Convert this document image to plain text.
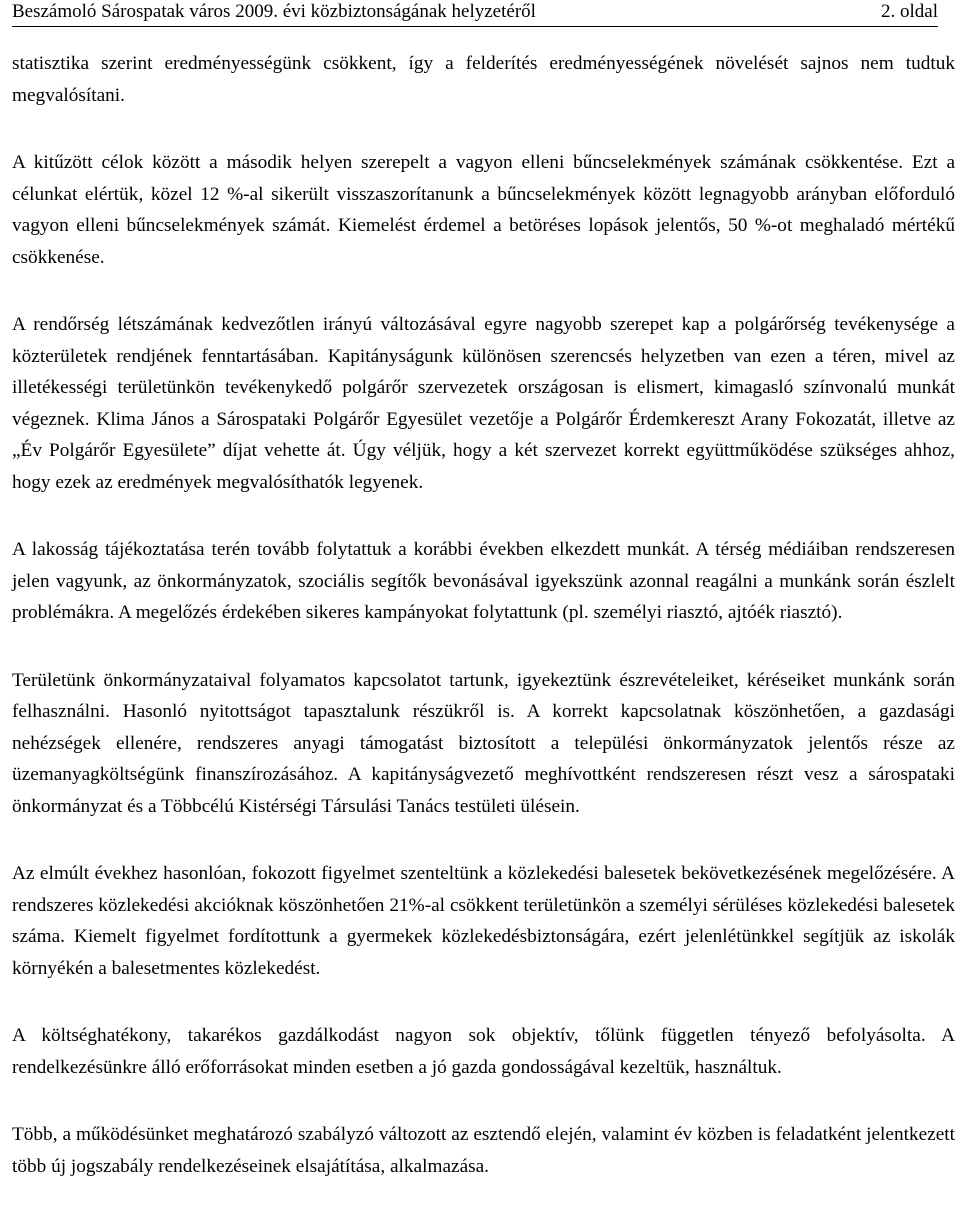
Beszámoló Sárospatak város 2009. évi közbiztonságának helyzetéről	2. oldal

statisztika szerint eredményességünk csökkent, így a felderítés eredményességének növelését sajnos nem tudtuk megvalósítani.

A kitűzött célok között a második helyen szerepelt a vagyon elleni bűncselekmények számának csökkentése. Ezt a célunkat elértük, közel 12 %-al sikerült visszaszorítanunk a bűncselekmények között legnagyobb arányban előforduló vagyon elleni bűncselekmények számát. Kiemelést érdemel a betöréses lopások jelentős, 50 %-ot meghaladó mértékű csökkenése.

A rendőrség létszámának kedvezőtlen irányú változásával egyre nagyobb szerepet kap a polgárőrség tevékenysége a közterületek rendjének fenntartásában. Kapitányságunk különösen szerencsés helyzetben van ezen a téren, mivel az illetékességi területünkön tevékenykedő polgárőr szervezetek országosan is elismert, kimagasló színvonalú munkát végeznek. Klima János a Sárospataki Polgárőr Egyesület vezetője a Polgárőr Érdemkereszt Arany Fokozatát, illetve az „Év Polgárőr Egyesülete” díjat vehette át. Úgy véljük, hogy a két szervezet korrekt együttműködése szükséges ahhoz, hogy ezek az eredmények megvalósíthatók legyenek.

A lakosság tájékoztatása terén tovább folytattuk a korábbi években elkezdett munkát. A térség médiáiban rendszeresen jelen vagyunk, az önkormányzatok, szociális segítők bevonásával igyekszünk azonnal reagálni a munkánk során észlelt problémákra. A megelőzés érdekében sikeres kampányokat folytattunk (pl. személyi riasztó, ajtóék riasztó).

Területünk önkormányzataival folyamatos kapcsolatot tartunk, igyekeztünk észrevételeiket, kéréseiket munkánk során felhasználni. Hasonló nyitottságot tapasztalunk részükről is. A korrekt kapcsolatnak köszönhetően, a gazdasági nehézségek ellenére, rendszeres anyagi támogatást biztosított a települési önkormányzatok jelentős része az üzemanyagköltségünk finanszírozásához. A kapitányságvezető meghívottként rendszeresen részt vesz a sárospataki önkormányzat és a Többcélú Kistérségi Társulási Tanács testületi ülésein.

Az elmúlt évekhez hasonlóan, fokozott figyelmet szenteltünk a közlekedési balesetek bekövetkezésének megelőzésére. A rendszeres közlekedési akcióknak köszönhetően 21%-al csökkent területünkön a személyi sérüléses közlekedési balesetek száma. Kiemelt figyelmet fordítottunk a gyermekek közlekedésbiztonságára, ezért jelenlétünkkel segítjük az iskolák környékén a balesetmentes közlekedést.

A költséghatékony, takarékos gazdálkodást nagyon sok objektív, tőlünk független tényező befolyásolta. A rendelkezésünkre álló erőforrásokat minden esetben a jó gazda gondosságával kezeltük, használtuk.

Több, a működésünket meghatározó szabályzó változott az esztendő elején, valamint év közben is feladatként jelentkezett több új jogszabály rendelkezéseinek elsajátítása, alkalmazása.
